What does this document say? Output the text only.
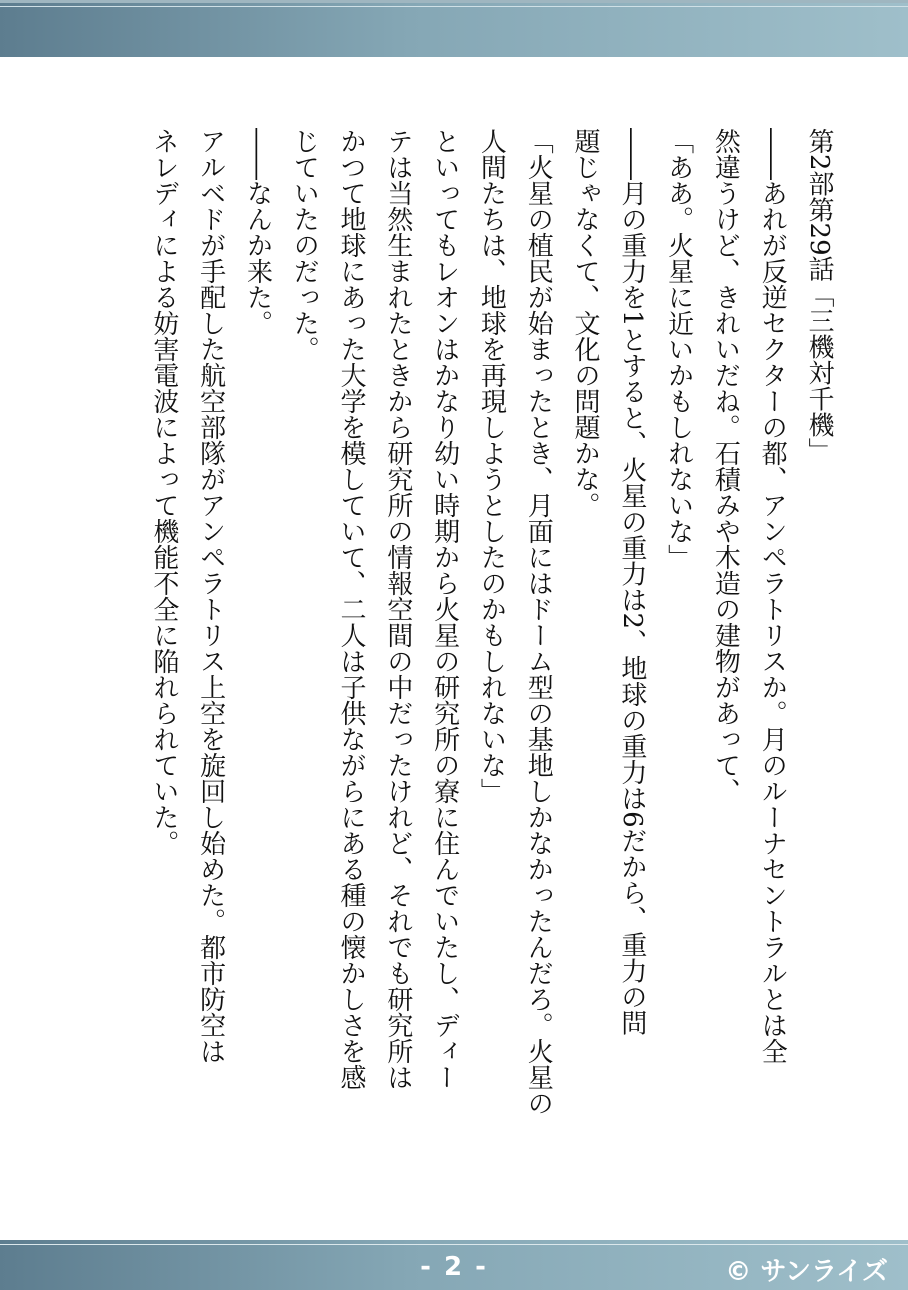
第2部第29話「三機対千機」

――あれが反逆セクターの都、アンペラトリスか。月のルーナセントラルとは全

然違うけど、きれいだね。石積みや木造の建物があって、

「ああ。火星に近いかもしれないな」

――月の重力を1とすると、火星の重力は2、地球の重力は6だから、重力の問

題じゃなくて、文化の問題かな。

「火星の植民が始まったとき、月面にはドーム型の基地しかなかったんだろ。火星の

人間たちは、地球を再現しようとしたのかもしれないな」

といってもレオンはかなり幼い時期から火星の研究所の寮に住んでいたし、ディー

テは当然生まれたときから研究所の情報空間の中だったけれど、それでも研究所は

かつて地球にあった大学を模していて、二人は子供ながらにある種の懐かしさを感

じていたのだった。

――なんか来た。

アルベドが手配した航空部隊がアンペラトリス上空を旋回し始めた。都市防空は

ネレディによる妨害電波によって機能不全に陥れられていた。

- 2 -	© サンライズ
